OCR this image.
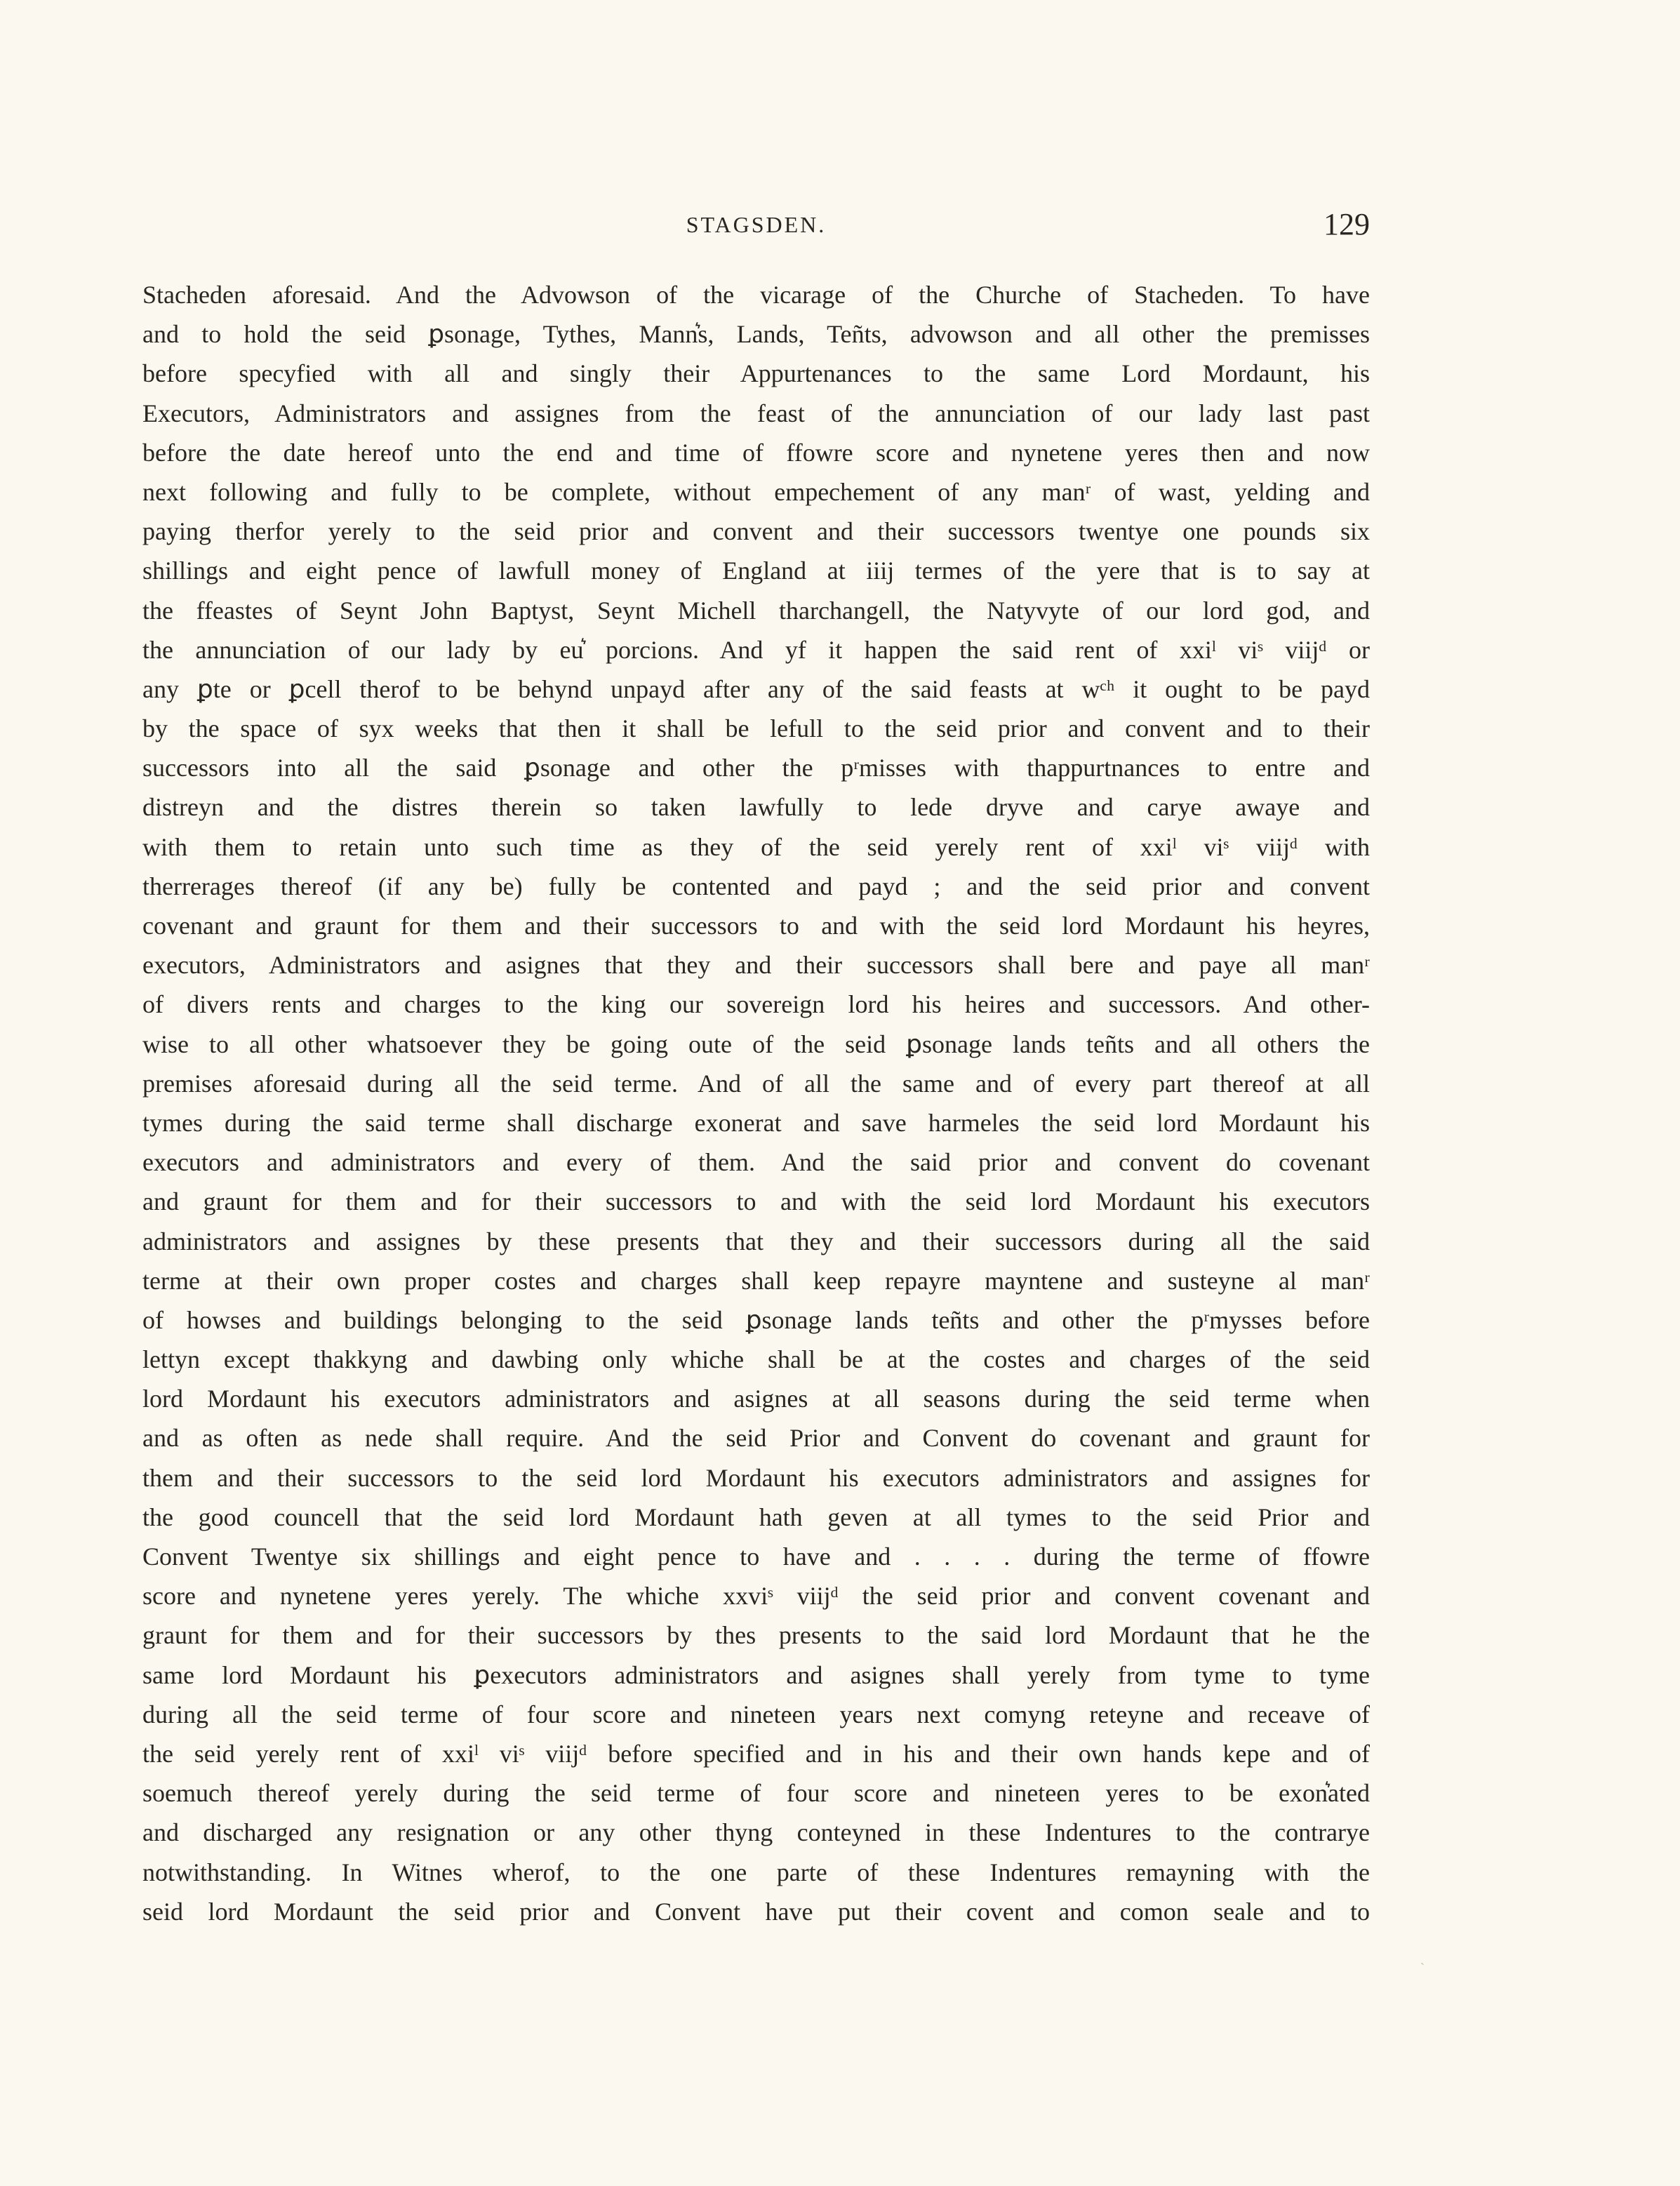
STAGSDEN.	129
Stacheden aforesaid. And the Advowson of the vicarage of the Churche of Stacheden. To have
and to hold the seid ꝑsonage, Tythes, Mann͛s, Lands, Teñts, advowson and all other the premisses
before specyfied with all and singly their Appurtenances to the same Lord Mordaunt, his
Executors, Administrators and assignes from the feast of the annunciation of our lady last past
before the date hereof unto the end and time of ffowre score and nynetene yeres then and now
next following and fully to be complete, without empechement of any manʳ of wast, yelding and
paying therfor yerely to the seid prior and convent and their successors twentye one pounds six
shillings and eight pence of lawfull money of England at iiij termes of the yere that is to say at
the ffeastes of Seynt John Baptyst, Seynt Michell tharchangell, the Natyvyte of our lord god, and
the annunciation of our lady by eu͛ porcions. And yf it happen the said rent of xxiˡ viˢ viijᵈ or
any ꝑte or ꝑcell therof to be behynd unpayd after any of the said feasts at wᶜʰ it ought to be payd
by the space of syx weeks that then it shall be lefull to the seid prior and convent and to their
successors into all the said ꝑsonage and other the pʳmisses with thappurtnances to entre and
distreyn and the distres therein so taken lawfully to lede dryve and carye awaye and
with them to retain unto such time as they of the seid yerely rent of xxiˡ viˢ viijᵈ with
therrerages thereof (if any be) fully be contented and payd ; and the seid prior and convent
covenant and graunt for them and their successors to and with the seid lord Mordaunt his heyres,
executors, Administrators and asignes that they and their successors shall bere and paye all manʳ
of divers rents and charges to the king our sovereign lord his heires and successors. And other-
wise to all other whatsoever they be going oute of the seid ꝑsonage lands teñts and all others the
premises aforesaid during all the seid terme. And of all the same and of every part thereof at all
tymes during the said terme shall discharge exonerat and save harmeles the seid lord Mordaunt his
executors and administrators and every of them. And the said prior and convent do covenant
and graunt for them and for their successors to and with the seid lord Mordaunt his executors
administrators and assignes by these presents that they and their successors during all the said
terme at their own proper costes and charges shall keep repayre mayntene and susteyne al manʳ
of howses and buildings belonging to the seid ꝑsonage lands teñts and other the pʳmysses before
lettyn except thakkyng and dawbing only whiche shall be at the costes and charges of the seid
lord Mordaunt his executors administrators and asignes at all seasons during the seid terme when
and as often as nede shall require. And the seid Prior and Convent do covenant and graunt for
them and their successors to the seid lord Mordaunt his executors administrators and assignes for
the good councell that the seid lord Mordaunt hath geven at all tymes to the seid Prior and
Convent Twentye six shillings and eight pence to have and . . . . during the terme of ffowre
score and nynetene yeres yerely. The whiche xxviˢ viijᵈ the seid prior and convent covenant and
graunt for them and for their successors by thes presents to the said lord Mordaunt that he the
same lord Mordaunt his ꝑexecutors administrators and asignes shall yerely from tyme to tyme
during all the seid terme of four score and nineteen years next comyng reteyne and receave of
the seid yerely rent of xxiˡ viˢ viijᵈ before specified and in his and their own hands kepe and of
soemuch thereof yerely during the seid terme of four score and nineteen yeres to be exon͛ated
and discharged any resignation or any other thyng conteyned in these Indentures to the contrarye
notwithstanding. In Witnes wherof, to the one parte of these Indentures remayning with the
seid lord Mordaunt the seid prior and Convent have put their covent and comon seale and to
ˎ
